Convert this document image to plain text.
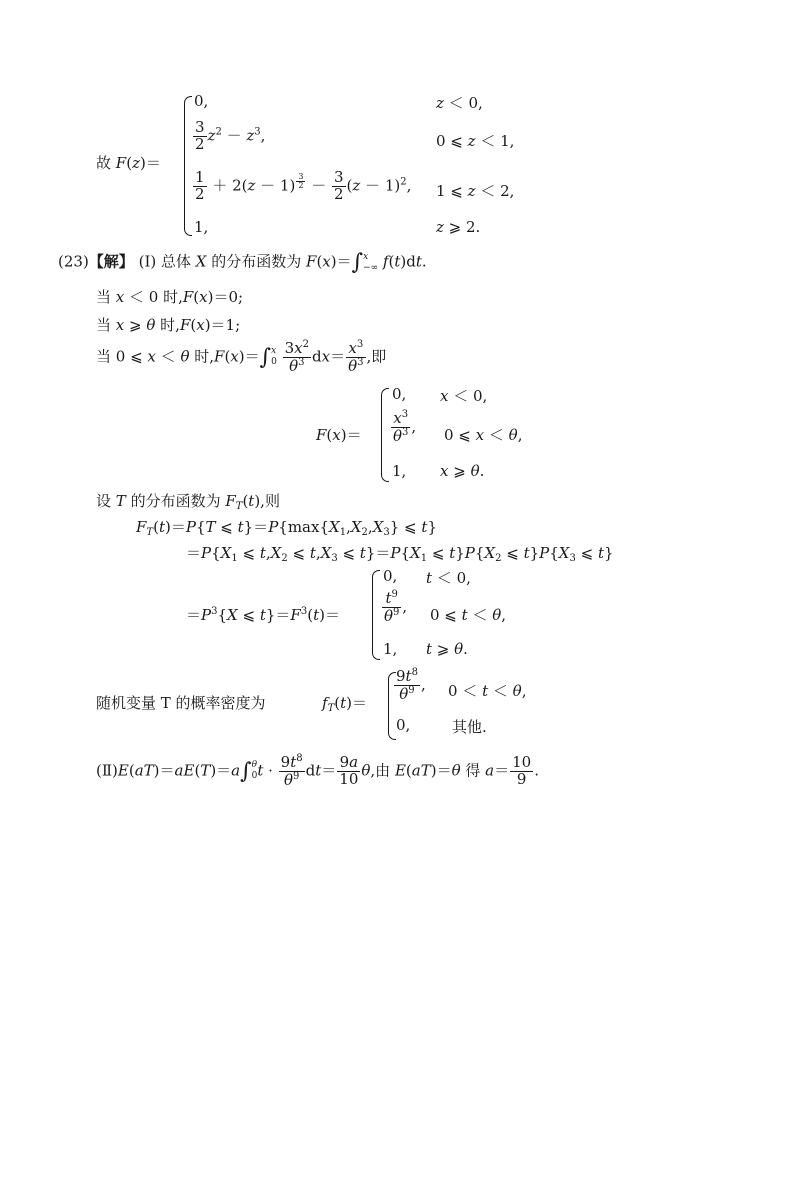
故 F(z)＝
0,	z ＜ 0,
$\frac{3}{2} z^2 - z^3$,	0 ⩽ z ＜ 1,
$\frac{1}{2} + 2(z - 1) ^{\frac{3}{2}} - \frac{3}{2} (z - 1)^2$, 1 ⩽ z ＜ 2,
1,	z ⩾ 2.
(23)【解】 (Ⅰ) 总体 X 的分布函数为 F(x)＝∫ x
−∞ f(t)dt.
当 x ＜ 0 时,F(x)＝0;
当 x ⩾ θ 时,F(x)＝1;
当 0 ⩽ x ＜ θ 时,F(x)＝∫ x
0
$\frac{3x^2}{\theta^3} dx= \frac{x^3}{\theta^3}$ ,即
F(x)＝
0, x ＜ 0,
$\frac{x^3}{\theta^3}$ , 0 ⩽ x ＜ θ,
1, x ⩾ θ.
设 T 的分布函数为 $F_T(t)$,则
$F_T(t)=P\{T$ ⩽ $t\}=P\{\max\{X_1,X_2,X_3\}$ ⩽ t}
$=P\{X_1$ ⩽ $t,X_2$ ⩽ $t,X_3$ ⩽ $t\}=P\{X_1$ ⩽ $t\}P\{X_2$ ⩽ $t\}P\{X_3$ ⩽ t}
$=P^3\{X$ ⩽ $t\}=F^3(t)=$
0, t ＜ 0,
$\frac{t^9}{\theta^9}$ , 0 ⩽ t ＜ θ,
1, t ⩾ θ.
随机变量 T 的概率密度为	$f_T(t)=$
$\frac{9t^8}{\theta^9}$ , 0 ＜ t ＜ θ,
0,	其他.
(Ⅱ)E(aT)＝aE(T)＝a∫ θ
0 $t \cdot \frac{9t^8}{\theta^9} dt= \frac{9a}{10} \theta$,由 E(aT)＝θ 得 $a= \frac{10}{9}$ .
